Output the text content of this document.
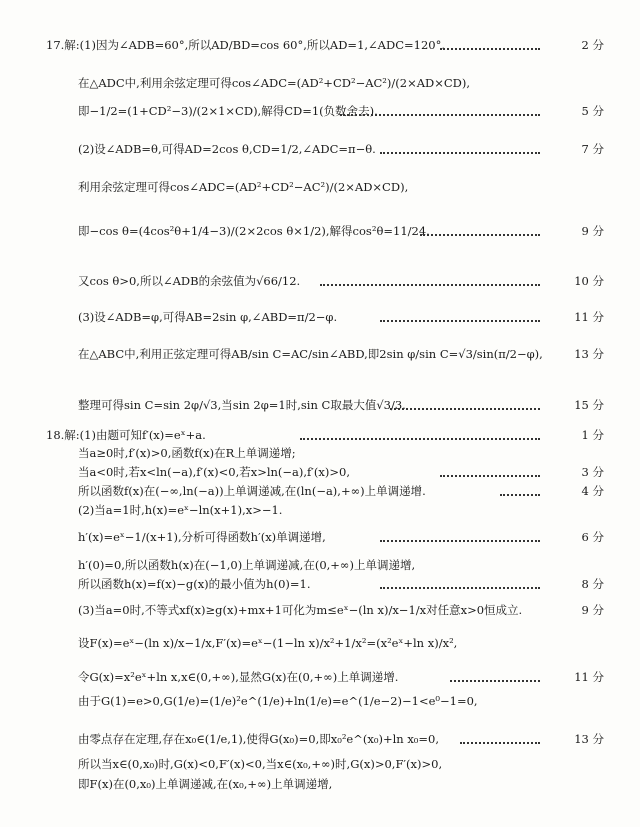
17.解:(1)因为∠ADB=60°,所以AD/BD=cos 60°,所以AD=1,∠ADC=120°.	2 分
在△ADC中,利用余弦定理可得cos∠ADC=(AD²+CD²−AC²)/(2×AD×CD),
即−1/2=(1+CD²−3)/(2×1×CD),解得CD=1(负数舍去).	5 分
(2)设∠ADB=θ,可得AD=2cos θ,CD=1/2,∠ADC=π−θ.	7 分
利用余弦定理可得cos∠ADC=(AD²+CD²−AC²)/(2×AD×CD),
即−cos θ=(4cos²θ+1/4−3)/(2×2cos θ×1/2),解得cos²θ=11/24.	9 分
又cos θ>0,所以∠ADB的余弦值为√66/12.	10 分
(3)设∠ADB=φ,可得AB=2sin φ,∠ABD=π/2−φ.	11 分
在△ABC中,利用正弦定理可得AB/sin C=AC/sin∠ABD,即2sin φ/sin C=√3/sin(π/2−φ),	13 分
整理可得sin C=sin 2φ/√3,当sin 2φ=1时,sin C取最大值√3/3.	15 分
18.解:(1)由题可知f′(x)=eˣ+a.	1 分
当a≥0时,f′(x)>0,函数f(x)在R上单调递增;
当a<0时,若x<ln(−a),f′(x)<0,若x>ln(−a),f′(x)>0,	3 分
所以函数f(x)在(−∞,ln(−a))上单调递减,在(ln(−a),+∞)上单调递增.	4 分
(2)当a=1时,h(x)=eˣ−ln(x+1),x>−1.
h′(x)=eˣ−1/(x+1),分析可得函数h′(x)单调递增,	6 分
h′(0)=0,所以函数h(x)在(−1,0)上单调递减,在(0,+∞)上单调递增,
所以函数h(x)=f(x)−g(x)的最小值为h(0)=1.	8 分
(3)当a=0时,不等式xf(x)≥g(x)+mx+1可化为m≤eˣ−(ln x)/x−1/x对任意x>0恒成立.	9 分
设F(x)=eˣ−(ln x)/x−1/x,F′(x)=eˣ−(1−ln x)/x²+1/x²=(x²eˣ+ln x)/x²,
令G(x)=x²eˣ+ln x,x∈(0,+∞),显然G(x)在(0,+∞)上单调递增.	11 分
由于G(1)=e>0,G(1/e)=(1/e)²e^(1/e)+ln(1/e)=e^(1/e−2)−1<e⁰−1=0,
由零点存在定理,存在x₀∈(1/e,1),使得G(x₀)=0,即x₀²e^(x₀)+ln x₀=0,	13 分
所以当x∈(0,x₀)时,G(x)<0,F′(x)<0,当x∈(x₀,+∞)时,G(x)>0,F′(x)>0,
即F(x)在(0,x₀)上单调递减,在(x₀,+∞)上单调递增,
